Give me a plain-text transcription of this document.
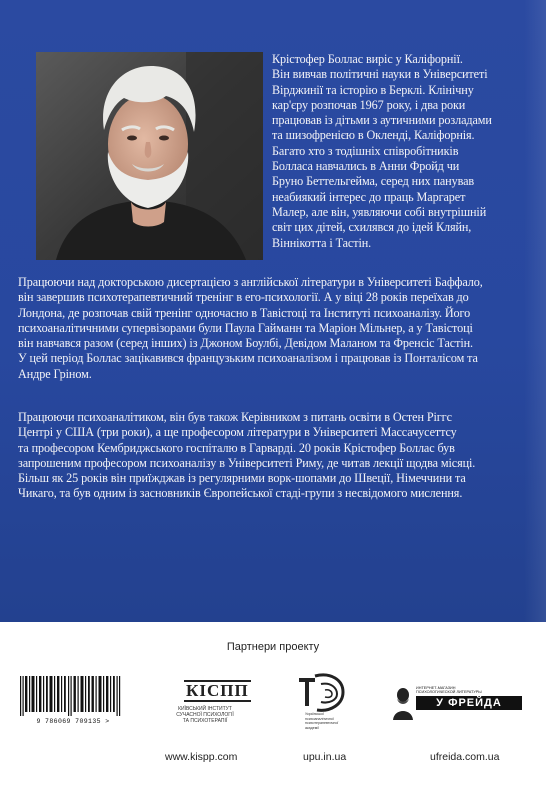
Крістофер Боллас виріс у Каліфорнії.
Він вивчав політичні науки в Університеті
Вірджинії та історію в Берклі. Клінічну
кар'єру розпочав 1967 року, і два роки
працював із дітьми з аутичними розладами
та шизофренією в Окленді, Каліфорнія.
Багато хто з тодішніх співробітників
Болласа навчались в Анни Фройд чи
Бруно Беттельгейма, серед них панував
неабиякий інтерес до праць Маргарет
Малер, але він, уявляючи собі внутрішній
світ цих дітей, схилявся до ідей Кляйн,
Віннікотта і Тастін.

Працюючи над докторською дисертацією з англійської літератури в Університеті Баффало,
він завершив психотерапевтичний тренінг в его-психології. А у віці 28 років переїхав до
Лондона, де розпочав свій тренінг одночасно в Тавістоці та Інституті психоаналізу. Його
психоаналітичними супервізорами були Паула Гайманн та Маріон Мільнер, а у Тавістоці
він навчався разом (серед інших) із Джоном Боулбі, Девідом Маланом та Френсіс Тастін.
У цей період Боллас зацікавився французьким психоаналізом і працював із Понталісом та
Андре Гріном.

Працюючи психоаналітиком, він був також Керівником з питань освіти в Остен Ріггс
Центрі у США (три роки), а ще професором літератури в Університеті Массачусеттсу
та професором Кембриджського госпіталю в Гарварді. 20 років Крістофер Боллас був
запрошеним професором психоаналізу в Університеті Риму, де читав лекції щодва місяці.
Більш як 25 років він приїжджав із регулярними ворк-шопами до Швеції, Німеччини та
Чикаго, та був одним із засновників Європейської стаді-групи з несвідомого мислення.

Партнери проекту
9 786069 709135 >
КІСПП
КИЇВСЬКИЙ ІНСТИТУТ
СУЧАСНОЇ ПСИХОЛОГІЇ
ТА ПСИХОТЕРАПІЇ
Української
психоаналітичної
психотерапевтичної
академії
ИНТЕРНЕТ-МАГАЗИН
ПСИХОЛОГИЧЕСКОЙ ЛИТЕРАТУРЫ
У ФРЕЙДА
www.kispp.com	upu.in.ua	ufreida.com.ua
